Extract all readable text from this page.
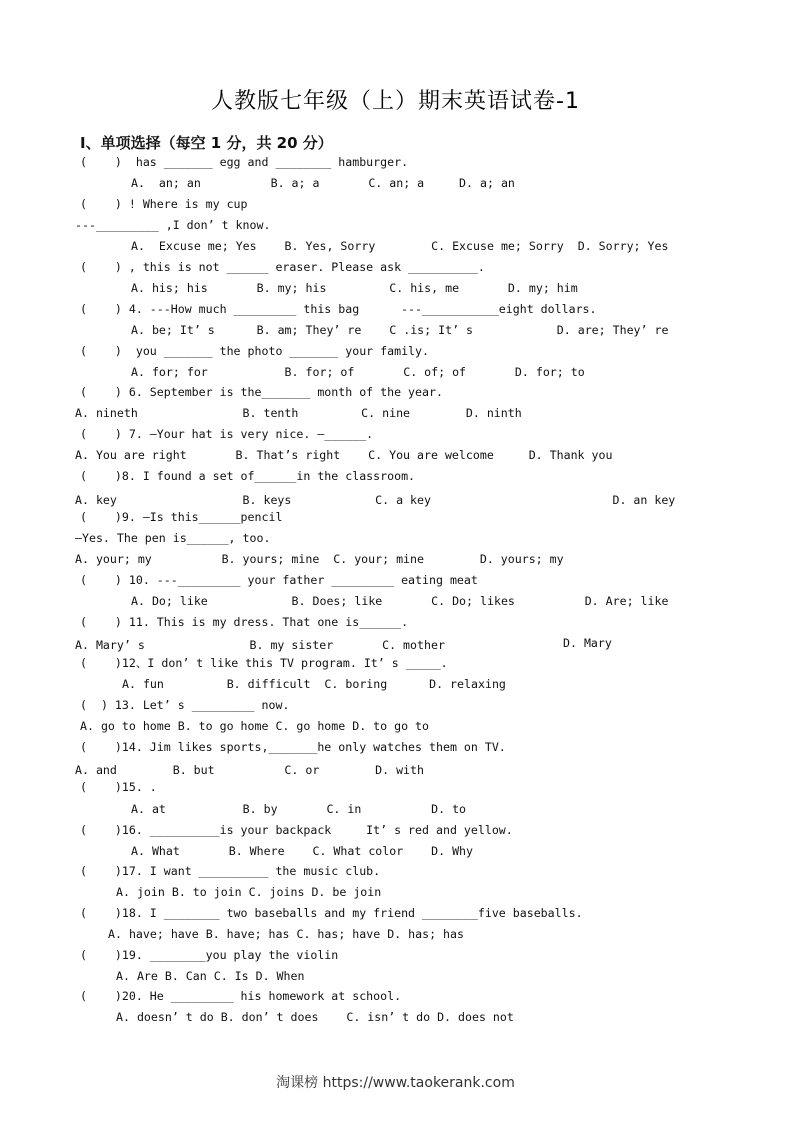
人教版七年级（上）期末英语试卷-1
I、单项选择（每空 1 分，共 20 分）
(    )  has _______ egg and ________ hamburger.
A.  an; an          B. a; a       C. an; a     D. a; an
(    ) ! Where is my cup
---_________ ,I don’ t know.
A.  Excuse me; Yes    B. Yes, Sorry        C. Excuse me; Sorry  D. Sorry; Yes
(    ) , this is not ______ eraser. Please ask __________.
A. his; his       B. my; his         C. his, me       D. my; him
(    ) 4. ---How much _________ this bag      ---___________eight dollars.
A. be; It’ s      B. am; They’ re    C .is; It’ s            D. are; They’ re
(    )  you _______ the photo _______ your family.
A. for; for           B. for; of       C. of; of       D. for; to
(    ) 6. September is the_______ month of the year.
A. nineth               B. tenth         C. nine        D. ninth
(    ) 7. —Your hat is very nice. —______.
A. You are right       B. That’s right    C. You are welcome     D. Thank you
(    )8. I found a set of______in the classroom.
A. key                  B. keys            C. a key                          D. an key
(    )9. —Is this______pencil
—Yes. The pen is______, too.
A. your; my          B. yours; mine  C. your; mine        D. yours; my
(    ) 10. ---_________ your father _________ eating meat
A. Do; like            B. Does; like       C. Do; likes          D. Are; like
(    ) 11. This is my dress. That one is______.
A. Mary’ s               B. my sister       C. mother	D. Mary
(    )12、I don’ t like this TV program. It’ s _____.
A. fun         B. difficult  C. boring      D. relaxing
(  ) 13. Let’ s _________ now.
A. go to home B. to go home C. go home D. to go to
(    )14. Jim likes sports,_______he only watches them on TV.
A. and        B. but          C. or        D. with
(    )15. .
A. at           B. by       C. in          D. to
(    )16. __________is your backpack     It’ s red and yellow.
A. What       B. Where    C. What color    D. Why
(    )17. I want __________ the music club.
A. join B. to join C. joins D. be join
(    )18. I ________ two baseballs and my friend ________five baseballs.
A. have; have B. have; has C. has; have D. has; has
(    )19. ________you play the violin
A. Are B. Can C. Is D. When
(    )20. He _________ his homework at school.
A. doesn’ t do B. don’ t does    C. isn’ t do D. does not
淘课榜 https://www.taokerank.com
